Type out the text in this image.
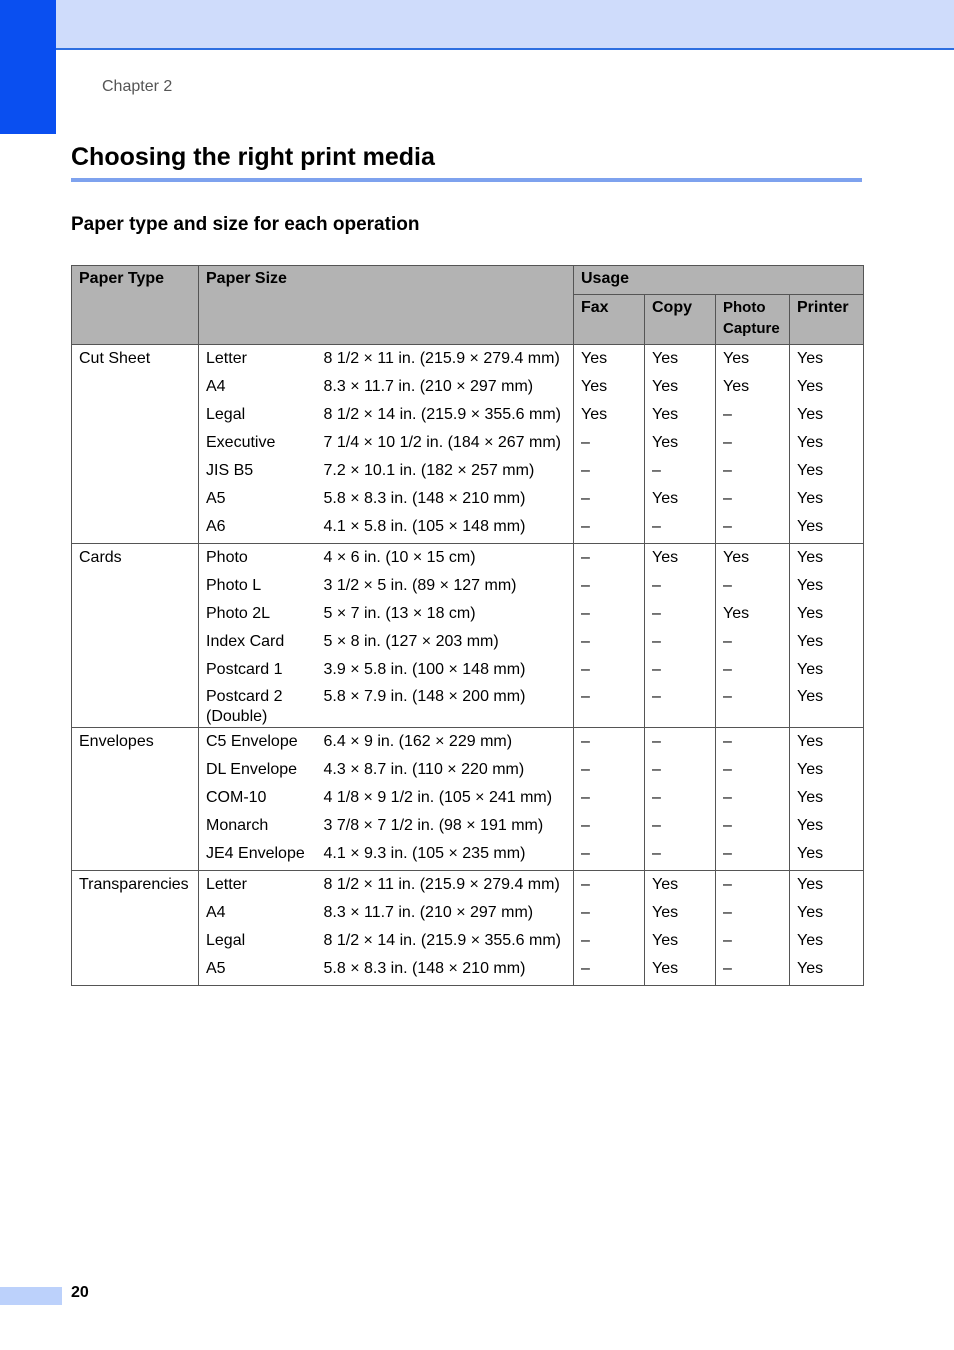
Chapter 2
Choosing the right print media
Paper type and size for each operation
Paper Type	Paper Size		Usage			
			Fax	Copy	Photo Capture	Printer
Cut Sheet	Letter	8 1/2 × 11 in. (215.9 × 279.4 mm)	Yes	Yes	Yes	Yes
	A4	8.3 × 11.7 in. (210 × 297 mm)	Yes	Yes	Yes	Yes
	Legal	8 1/2 × 14 in. (215.9 × 355.6 mm)	Yes	Yes	–	Yes
	Executive	7 1/4 × 10 1/2 in. (184 × 267 mm)	–	Yes	–	Yes
	JIS B5	7.2 × 10.1 in. (182 × 257 mm)	–	–	–	Yes
	A5	5.8 × 8.3 in. (148 × 210 mm)	–	Yes	–	Yes
	A6	4.1 × 5.8 in. (105 × 148 mm)	–	–	–	Yes
Cards	Photo	4 × 6 in. (10 × 15 cm)	–	Yes	Yes	Yes
	Photo L	3 1/2 × 5 in. (89 × 127 mm)	–	–	–	Yes
	Photo 2L	5 × 7 in. (13 × 18 cm)	–	–	Yes	Yes
	Index Card	5 × 8 in. (127 × 203 mm)	–	–	–	Yes
	Postcard 1	3.9 × 5.8 in. (100 × 148 mm)	–	–	–	Yes
	Postcard 2 (Double)	5.8 × 7.9 in. (148 × 200 mm)	–	–	–	Yes
Envelopes	C5 Envelope	6.4 × 9 in. (162 × 229 mm)	–	–	–	Yes
	DL Envelope	4.3 × 8.7 in. (110 × 220 mm)	–	–	–	Yes
	COM-10	4 1/8 × 9 1/2 in. (105 × 241 mm)	–	–	–	Yes
	Monarch	3 7/8 × 7 1/2 in. (98 × 191 mm)	–	–	–	Yes
	JE4 Envelope	4.1 × 9.3 in. (105 × 235 mm)	–	–	–	Yes
Transparencies	Letter	8 1/2 × 11 in. (215.9 × 279.4 mm)	–	Yes	–	Yes
	A4	8.3 × 11.7 in. (210 × 297 mm)	–	Yes	–	Yes
	Legal	8 1/2 × 14 in. (215.9 × 355.6 mm)	–	Yes	–	Yes
	A5	5.8 × 8.3 in. (148 × 210 mm)	–	Yes	–	Yes
20
